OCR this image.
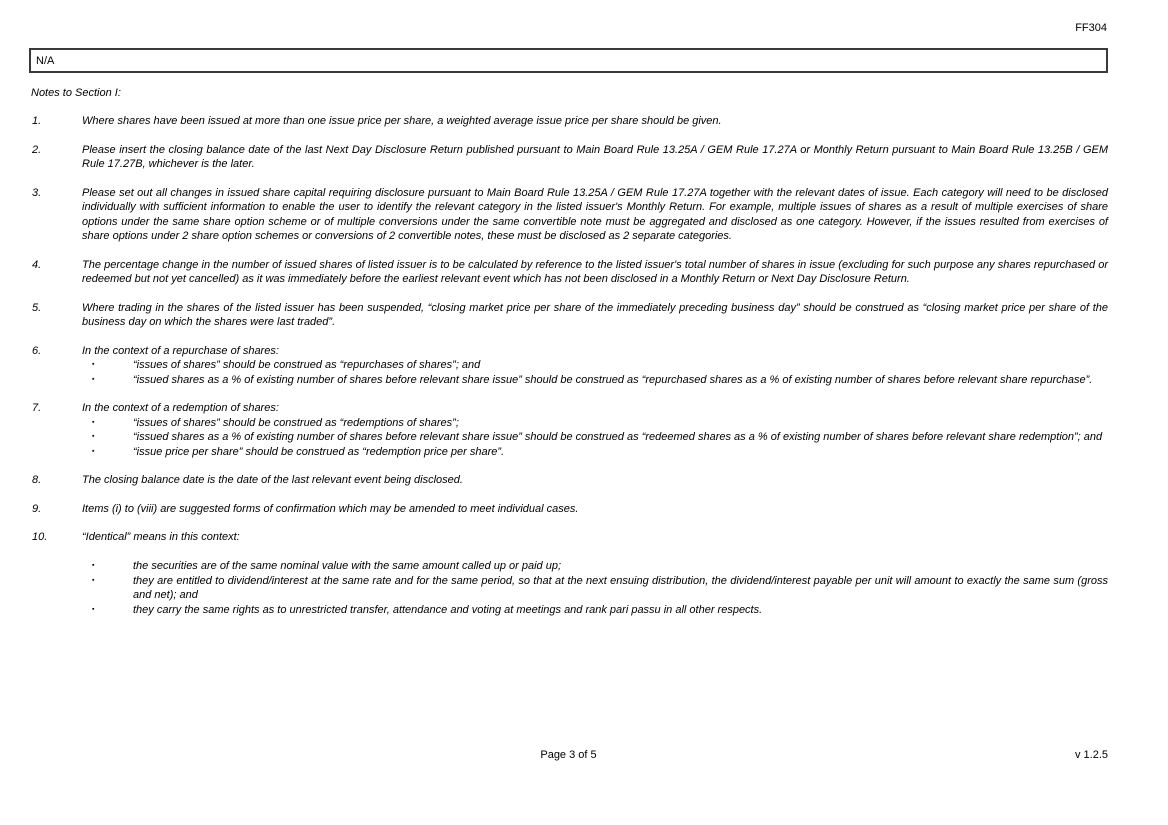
FF304
N/A
Notes to Section I:
1.	Where shares have been issued at more than one issue price per share, a weighted average issue price per share should be given.
2.	Please insert the closing balance date of the last Next Day Disclosure Return published pursuant to Main Board Rule 13.25A / GEM Rule 17.27A or Monthly Return pursuant to Main Board Rule 13.25B / GEM Rule 17.27B, whichever is the later.
3.	Please set out all changes in issued share capital requiring disclosure pursuant to Main Board Rule 13.25A / GEM Rule 17.27A together with the relevant dates of issue. Each category will need to be disclosed individually with sufficient information to enable the user to identify the relevant category in the listed issuer's Monthly Return. For example, multiple issues of shares as a result of multiple exercises of share options under the same share option scheme or of multiple conversions under the same convertible note must be aggregated and disclosed as one category. However, if the issues resulted from exercises of share options under 2 share option schemes or conversions of 2 convertible notes, these must be disclosed as 2 separate categories.
4.	The percentage change in the number of issued shares of listed issuer is to be calculated by reference to the listed issuer's total number of shares in issue (excluding for such purpose any shares repurchased or redeemed but not yet cancelled) as it was immediately before the earliest relevant event which has not been disclosed in a Monthly Return or Next Day Disclosure Return.
5.	Where trading in the shares of the listed issuer has been suspended, “closing market price per share of the immediately preceding business day” should be construed as “closing market price per share of the business day on which the shares were last traded”.
6.	In the context of a repurchase of shares:
▪	“issues of shares” should be construed as “repurchases of shares”; and
▪	“issued shares as a % of existing number of shares before relevant share issue” should be construed as “repurchased shares as a % of existing number of shares before relevant share repurchase”.
7.	In the context of a redemption of shares:
▪	“issues of shares” should be construed as “redemptions of shares”;
▪	“issued shares as a % of existing number of shares before relevant share issue” should be construed as “redeemed shares as a % of existing number of shares before relevant share redemption”; and
▪	“issue price per share” should be construed as “redemption price per share”.
8.	The closing balance date is the date of the last relevant event being disclosed.
9.	Items (i) to (viii) are suggested forms of confirmation which may be amended to meet individual cases.
10.	“Identical” means in this context:
▪	the securities are of the same nominal value with the same amount called up or paid up;
▪	they are entitled to dividend/interest at the same rate and for the same period, so that at the next ensuing distribution, the dividend/interest payable per unit will amount to exactly the same sum (gross and net); and
▪	they carry the same rights as to unrestricted transfer, attendance and voting at meetings and rank pari passu in all other respects.
Page 3 of 5	v 1.2.5
